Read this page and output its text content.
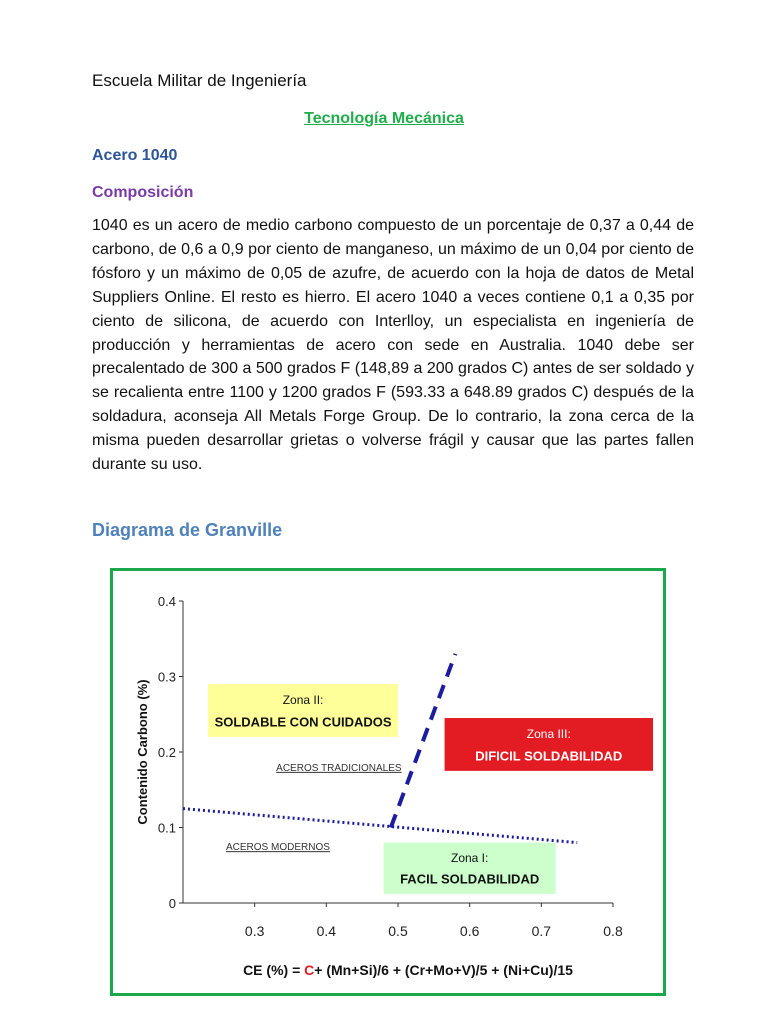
Escuela Militar de Ingeniería
Tecnología Mecánica
Acero 1040
Composición
1040 es un acero de medio carbono compuesto de un porcentaje de 0,37 a 0,44 de carbono, de 0,6 a 0,9 por ciento de manganeso, un máximo de un 0,04 por ciento de fósforo y un máximo de 0,05 de azufre, de acuerdo con la hoja de datos de Metal Suppliers Online. El resto es hierro. El acero 1040 a veces contiene 0,1 a 0,35 por ciento de silicona, de acuerdo con Interlloy, un especialista en ingeniería de producción y herramientas de acero con sede en Australia. 1040 debe ser precalentado de 300 a 500 grados F (148,89 a 200 grados C) antes de ser soldado y se recalienta entre 1100 y 1200 grados F (593.33 a 648.89 grados C) después de la soldadura, aconseja All Metals Forge Group. De lo contrario, la zona cerca de la misma pueden desarrollar grietas o volverse frágil y causar que las partes fallen durante su uso.
Diagrama de Granville
0
0.1
0.2
0.3
0.4
0.3	0.4	0.5	0.6	0.7	0.8
Zona II:
SOLDABLE CON CUIDADOS
Zona III:
DIFICIL SOLDABILIDAD
Zona I:
FACIL SOLDABILIDAD
ACEROS TRADICIONALES
ACEROS MODERNOS
Contenido Carbono (%)
CE (%) = C+ (Mn+Si)/6 + (Cr+Mo+V)/5 + (Ni+Cu)/15
